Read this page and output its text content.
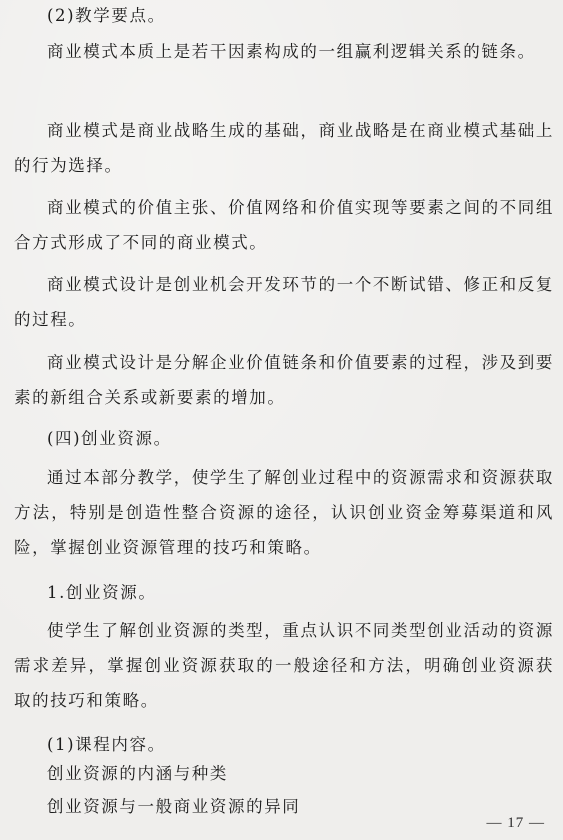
(2)教学要点。

商业模式本质上是若干因素构成的一组赢利逻辑关系的链条。

商业模式是商业战略生成的基础，商业战略是在商业模式基础上的行为选择。

商业模式的价值主张、价值网络和价值实现等要素之间的不同组合方式形成了不同的商业模式。

商业模式设计是创业机会开发环节的一个不断试错、修正和反复的过程。

商业模式设计是分解企业价值链条和价值要素的过程，涉及到要素的新组合关系或新要素的增加。

(四)创业资源。

通过本部分教学，使学生了解创业过程中的资源需求和资源获取方法，特别是创造性整合资源的途径，认识创业资金筹募渠道和风险，掌握创业资源管理的技巧和策略。

1.创业资源。

使学生了解创业资源的类型，重点认识不同类型创业活动的资源需求差异，掌握创业资源获取的一般途径和方法，明确创业资源获取的技巧和策略。

(1)课程内容。

创业资源的内涵与种类

创业资源与一般商业资源的异同

— 17 —
